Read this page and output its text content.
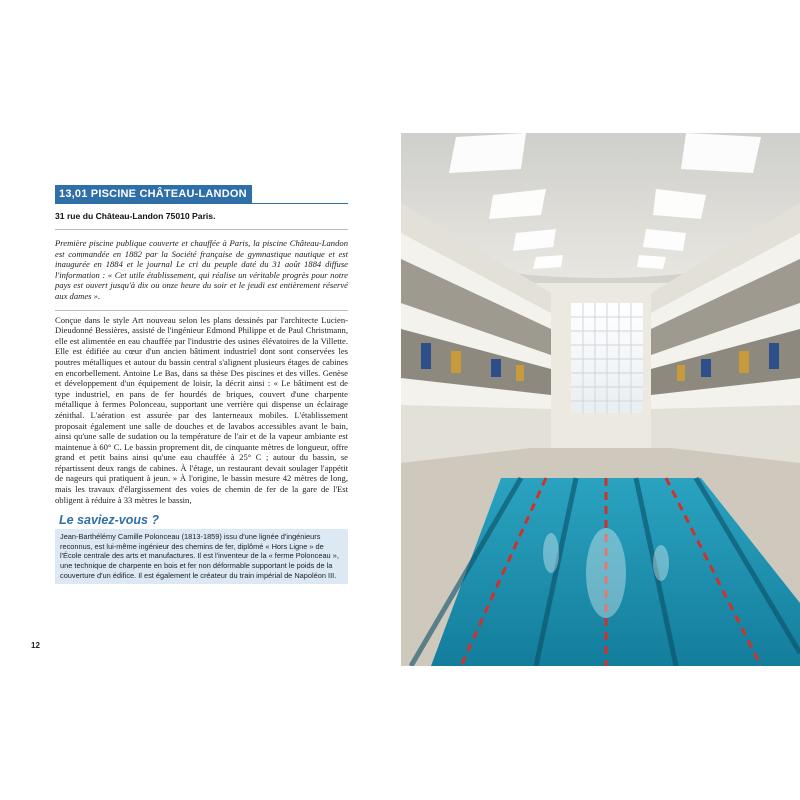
13,01 PISCINE CHÂTEAU-LANDON
31 rue du Château-Landon 75010 Paris.

Première piscine publique couverte et chauffée à Paris, la piscine Château-Landon est commandée en 1882 par la Société française de gymnastique nautique et est inaugurée en 1884 et le journal Le cri du peuple daté du 31 août 1884 diffuse l'information : « Cet utile établissement, qui réalise un véritable progrès pour notre pays est ouvert jusqu'à dix ou onze heure du soir et le jeudi est entièrement réservé aux dames ».

Conçue dans le style Art nouveau selon les plans dessinés par l'architecte Lucien-Dieudonné Bessières, assisté de l'ingénieur Edmond Philippe et de Paul Christmann, elle est alimentée en eau chauffée par l'industrie des usines élévatoires de la Villette. Elle est édifiée au cœur d'un ancien bâtiment industriel dont sont conservées les poutres métalliques et autour du bassin central s'alignent plusieurs étages de cabines en encorbellement. Antoine Le Bas, dans sa thèse Des piscines et des villes. Genèse et développement d'un équipement de loisir, la décrit ainsi : « Le bâtiment est de type industriel, en pans de fer hourdés de briques, couvert d'une charpente métallique à fermes Polonceau, supportant une verrière qui dispense un éclairage zénithal. L'aération est assurée par des lanterneaux mobiles. L'établissement proposait également une salle de douches et de lavabos accessibles avant le bain, ainsi qu'une salle de sudation ou la température de l'air et de la vapeur ambiante est maintenue à 60° C. Le bassin proprement dit, de cinquante mètres de longueur, offre grand et petit bains ainsi qu'une eau chauffée à 25° C ; autour du bassin, se répartissent deux rangs de cabines. À l'étage, un restaurant devait soulager l'appétit de nageurs qui pratiquent à jeun. » À l'origine, le bassin mesure 42 mètres de long, mais les travaux d'élargissement des voies de chemin de fer de la gare de l'Est obligent à réduire à 33 mètres le bassin,

Le saviez-vous ?
Jean-Barthélémy Camille Polonceau (1813-1859) issu d'une lignée d'ingénieurs reconnus, est lui-même ingénieur des chemins de fer, diplômé « Hors Ligne » de l'École centrale des arts et manufactures. Il est l'inventeur de la « ferme Polonceau », une technique de charpente en bois et fer non déformable supportant le poids de la couverture d'un édifice. Il est également le créateur du train impérial de Napoléon III.
12
